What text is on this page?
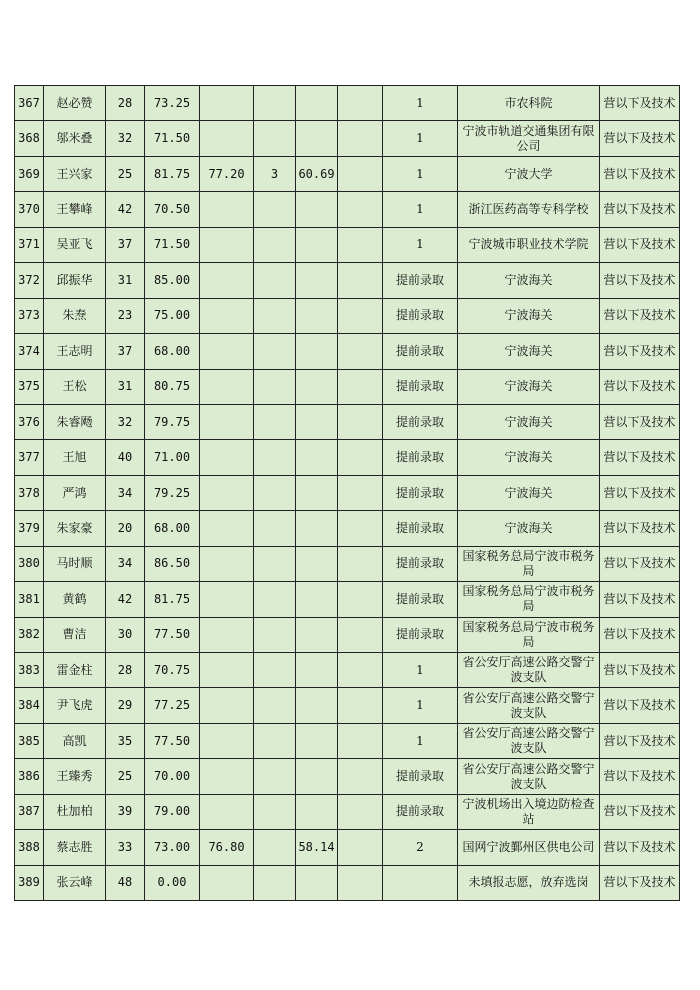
367	赵必赞	28	73.25					1	市农科院	营以下及技术
368	邬米叠	32	71.50					1	宁波市轨道交通集团有限公司	营以下及技术
369	王兴家	25	81.75	77.20	3	60.69		1	宁波大学	营以下及技术
370	王攀峰	42	70.50					1	浙江医药高等专科学校	营以下及技术
371	吴亚飞	37	71.50					1	宁波城市职业技术学院	营以下及技术
372	邱振华	31	85.00					提前录取	宁波海关	营以下及技术
373	朱焘	23	75.00					提前录取	宁波海关	营以下及技术
374	王志明	37	68.00					提前录取	宁波海关	营以下及技术
375	王松	31	80.75					提前录取	宁波海关	营以下及技术
376	朱睿飏	32	79.75					提前录取	宁波海关	营以下及技术
377	王旭	40	71.00					提前录取	宁波海关	营以下及技术
378	严鸿	34	79.25					提前录取	宁波海关	营以下及技术
379	朱家豪	20	68.00					提前录取	宁波海关	营以下及技术
380	马时顺	34	86.50					提前录取	国家税务总局宁波市税务局	营以下及技术
381	黄鹤	42	81.75					提前录取	国家税务总局宁波市税务局	营以下及技术
382	曹洁	30	77.50					提前录取	国家税务总局宁波市税务局	营以下及技术
383	雷金柱	28	70.75					1	省公安厅高速公路交警宁波支队	营以下及技术
384	尹飞虎	29	77.25					1	省公安厅高速公路交警宁波支队	营以下及技术
385	高凯	35	77.50					1	省公安厅高速公路交警宁波支队	营以下及技术
386	王臻秀	25	70.00					提前录取	省公安厅高速公路交警宁波支队	营以下及技术
387	杜加柏	39	79.00					提前录取	宁波机场出入境边防检查站	营以下及技术
388	蔡志胜	33	73.00	76.80		58.14		2	国网宁波鄞州区供电公司	营以下及技术
389	张云峰	48	0.00						未填报志愿，放弃选岗	营以下及技术
